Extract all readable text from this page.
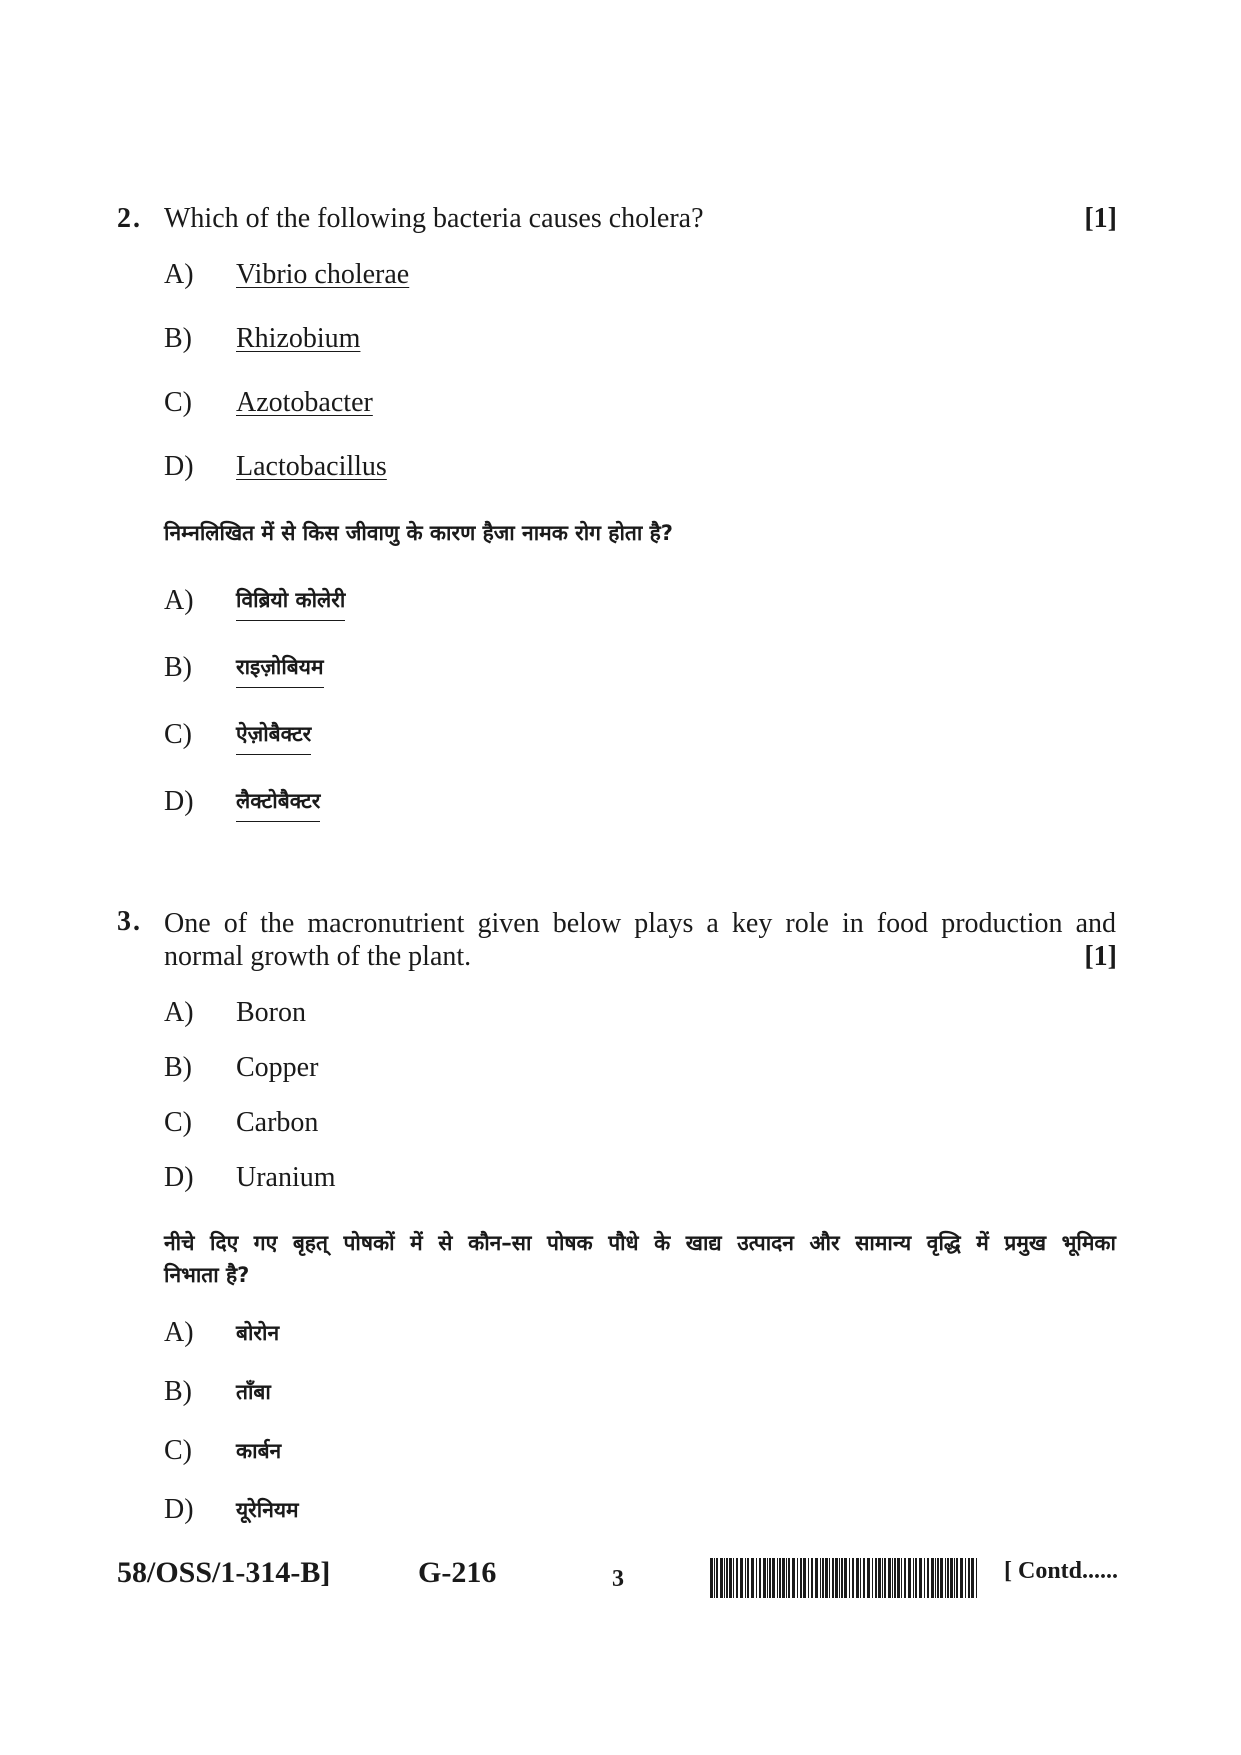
2. Which of the following bacteria causes cholera?	[1]
A) Vibrio cholerae
B) Rhizobium
C) Azotobacter
D) Lactobacillus
निम्नलिखित में से किस जीवाणु के कारण हैजा नामक रोग होता है?
A) विब्रियो कोलेरी
B) राइज़ोबियम
C) ऐज़ोबैक्टर
D) लैक्टोबैक्टर
3. One of the macronutrient given below plays a key role in food production and
normal growth of the plant.	[1]
A) Boron
B) Copper
C) Carbon
D) Uranium
नीचे दिए गए बृहत् पोषकों में से कौन–सा पोषक पौधे के खाद्य उत्पादन और सामान्य वृद्धि में प्रमुख भूमिका
निभाता है?
A) बोरोन
B) ताँबा
C) कार्बन
D) यूरेनियम
58/OSS/1-314-B]	G-216	3	[ Contd......
